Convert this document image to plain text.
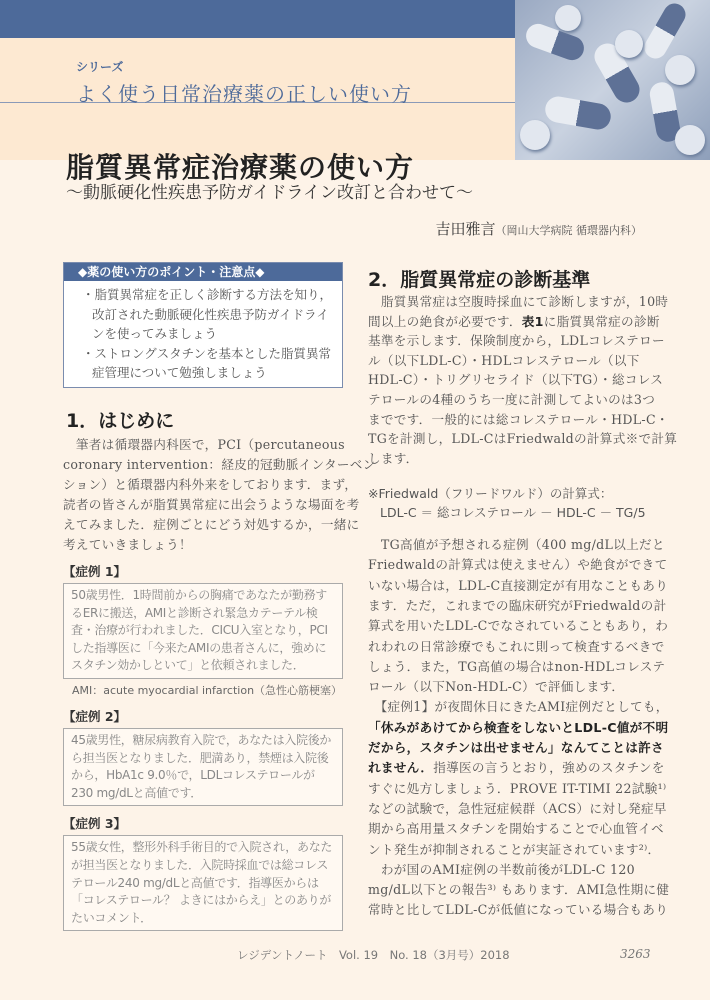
シリーズ
よく使う日常治療薬の正しい使い方
脂質異常症治療薬の使い方
〜動脈硬化性疾患予防ガイドライン改訂と合わせて〜
吉田雅言（岡山大学病院 循環器内科）
◆薬の使い方のポイント・注意点◆
・脂質異常症を正しく診断する方法を知り，改訂された動脈硬化性疾患予防ガイドラインを使ってみましょう
・ストロングスタチンを基本とした脂質異常症管理について勉強しましょう
1．はじめに
　筆者は循環器内科医で，PCI（percutaneous
coronary intervention：経皮的冠動脈インターベン
ション）と循環器内科外来をしております．まず，
読者の皆さんが脂質異常症に出会うような場面を考
えてみました．症例ごとにどう対処するか，一緒に
考えていきましょう！
【症例 1】
50歳男性．1時間前からの胸痛であなたが勤務するERに搬送，AMIと診断され緊急カテーテル検査・治療が行われました．CICU入室となり，PCIした指導医に「今来たAMIの患者さんに，強めにスタチン効かしといて」と依頼されました．
AMI：acute myocardial infarction（急性心筋梗塞）
【症例 2】
45歳男性，糖尿病教育入院で，あなたは入院後から担当医となりました．肥満あり，禁煙は入院後から，HbA1c 9.0％で，LDLコレステロールが230 mg/dLと高値です．
【症例 3】
55歳女性，整形外科手術目的で入院され，あなたが担当医となりました．入院時採血では総コレステロール240 mg/dLと高値です．指導医からは「コレステロール？ よきにはからえ」とのありがたいコメント．
2．脂質異常症の診断基準
　脂質異常症は空腹時採血にて診断しますが，10時
間以上の絶食が必要です．表1に脂質異常症の診断
基準を示します．保険制度から，LDLコレステロー
ル（以下LDL-C）・HDLコレステロール（以下
HDL-C）・トリグリセライド（以下TG）・総コレス
テロールの4種のうち一度に計測してよいのは3つ
までです．一般的には総コレステロール・HDL-C・
TGを計測し，LDL-CはFriedwaldの計算式※で計算
します．
　TG高値が予想される症例（400 mg/dL以上だと
Friedwaldの計算式は使えません）や絶食ができて
いない場合は，LDL-C直接測定が有用なこともあり
ます．ただ，これまでの臨床研究がFriedwaldの計
算式を用いたLDL-Cでなされていることもあり，わ
れわれの日常診療でもこれに則って検査するべきで
しょう．また，TG高値の場合はnon-HDLコレステ
ロール（以下Non-HDL-C）で評価します．
　【症例1】が夜間休日にきたAMI症例だとしても，
「休みがあけてから検査をしないとLDL-C値が不明
だから，スタチンは出せません」なんてことは許さ
れません．指導医の言うとおり，強めのスタチンを
すぐに処方しましょう．PROVE IT-TIMI 22試験¹⁾
などの試験で，急性冠症候群（ACS）に対し発症早
期から高用量スタチンを開始することで心血管イベ
ント発生が抑制されることが実証されています²⁾．
　わが国のAMI症例の半数前後がLDL-C 120
mg/dL以下との報告³⁾ もあります．AMI急性期に健
常時と比してLDL-Cが低値になっている場合もあり
※Friedwald（フリードワルド）の計算式：
LDL-C ＝ 総コレステロール － HDL-C － TG/5
レジデントノート　Vol. 19　No. 18（3月号）2018	3263
